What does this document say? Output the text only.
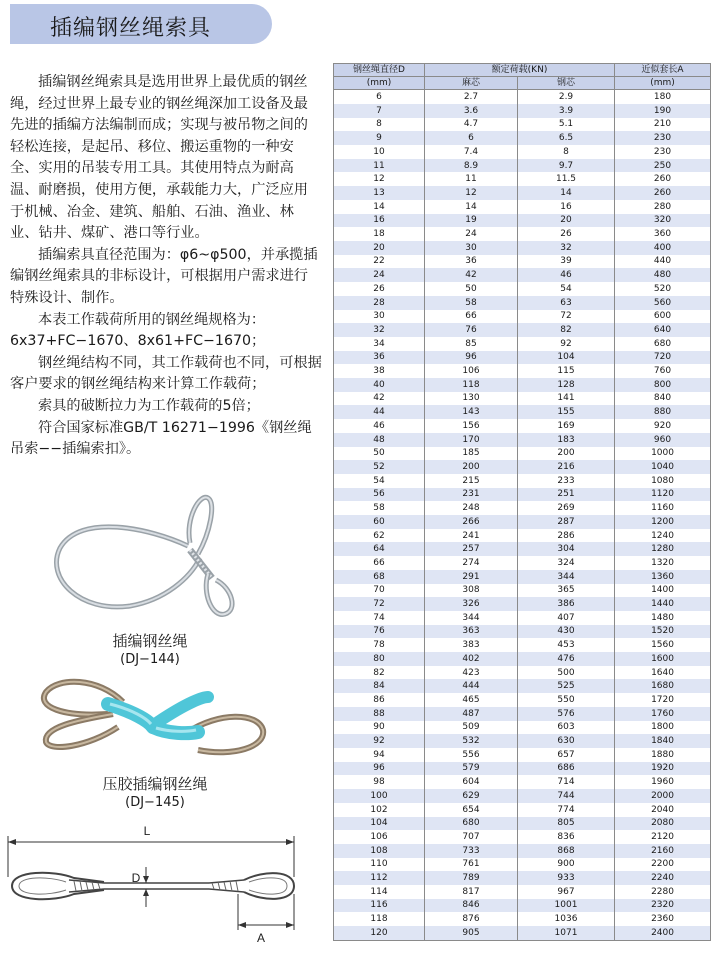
插编钢丝绳索具

插编钢丝绳索具是选用世界上最优质的钢丝绳，经过世界上最专业的钢丝绳深加工设备及最先进的插编方法编制而成；实现与被吊物之间的轻松连接，是起吊、移位、搬运重物的一种安全、实用的吊装专用工具。其使用特点为耐高温、耐磨损，使用方便，承载能力大，广泛应用于机械、冶金、建筑、船舶、石油、渔业、林业、钻井、煤矿、港口等行业。

插编索具直径范围为：φ6~φ500，并承揽插编钢丝绳索具的非标设计，可根据用户需求进行特殊设计、制作。

本表工作载荷所用的钢丝绳规格为：

6x37+FC−1670、8x61+FC−1670；

钢丝绳结构不同，其工作载荷也不同，可根据客户要求的钢丝绳结构来计算工作载荷；

索具的破断拉力为工作载荷的5倍；

符合国家标准GB/T 16271−1996《钢丝绳吊索−−插编索扣》。

插编钢丝绳
(DJ−144)
压胶插编钢丝绳
(DJ−145)
L
D
A
钢丝绳直径D	额定荷载(KN)		近似套长A
(mm)	麻芯	钢芯	(mm)
6	2.7	2.9	180
7	3.6	3.9	190
8	4.7	5.1	210
9	6	6.5	230
10	7.4	8	230
11	8.9	9.7	250
12	11	11.5	260
13	12	14	260
14	14	16	280
16	19	20	320
18	24	26	360
20	30	32	400
22	36	39	440
24	42	46	480
26	50	54	520
28	58	63	560
30	66	72	600
32	76	82	640
34	85	92	680
36	96	104	720
38	106	115	760
40	118	128	800
42	130	141	840
44	143	155	880
46	156	169	920
48	170	183	960
50	185	200	1000
52	200	216	1040
54	215	233	1080
56	231	251	1120
58	248	269	1160
60	266	287	1200
62	241	286	1240
64	257	304	1280
66	274	324	1320
68	291	344	1360
70	308	365	1400
72	326	386	1440
74	344	407	1480
76	363	430	1520
78	383	453	1560
80	402	476	1600
82	423	500	1640
84	444	525	1680
86	465	550	1720
88	487	576	1760
90	509	603	1800
92	532	630	1840
94	556	657	1880
96	579	686	1920
98	604	714	1960
100	629	744	2000
102	654	774	2040
104	680	805	2080
106	707	836	2120
108	733	868	2160
110	761	900	2200
112	789	933	2240
114	817	967	2280
116	846	1001	2320
118	876	1036	2360
120	905	1071	2400
